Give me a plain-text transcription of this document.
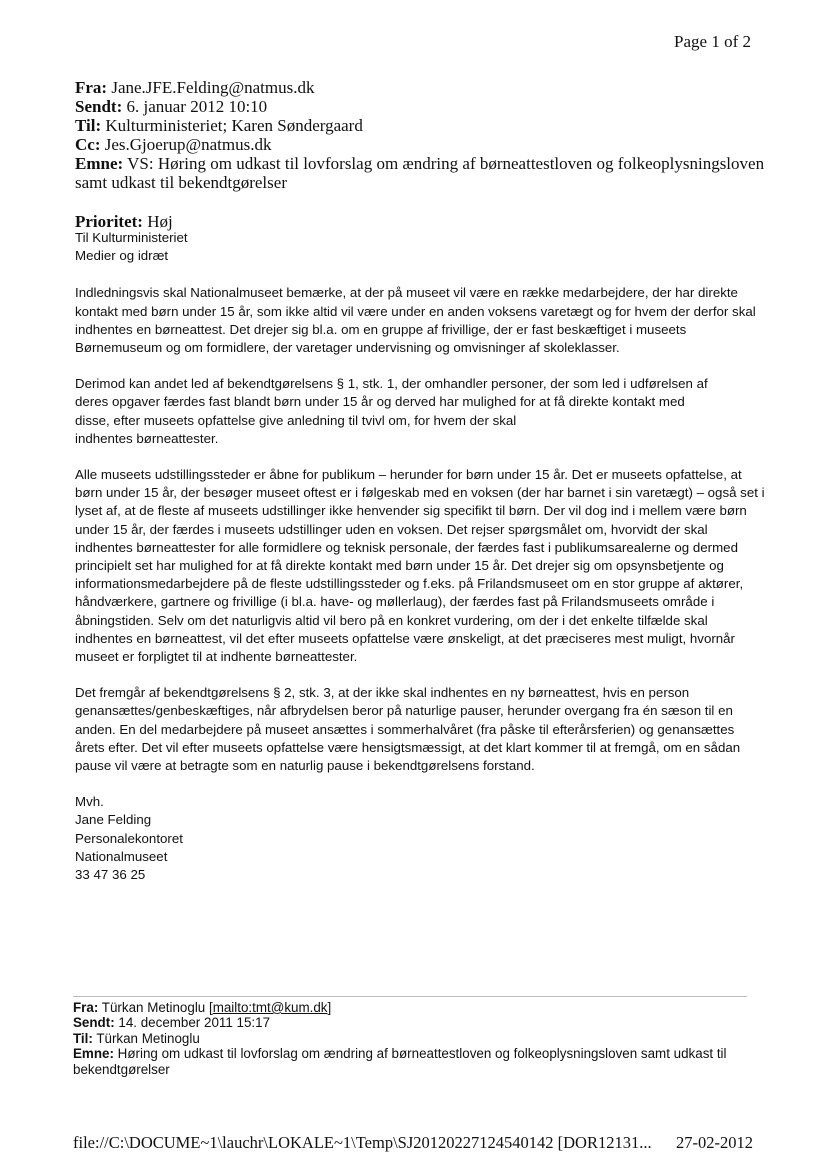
Page 1 of 2

Fra: Jane.JFE.Felding@natmus.dk

Sendt: 6. januar 2012 10:10

Til: Kulturministeriet; Karen Søndergaard

Cc: Jes.Gjoerup@natmus.dk

Emne: VS: Høring om udkast til lovforslag om ændring af børneattestloven og folkeoplysningsloven samt udkast til bekendtgørelser

Prioritet: Høj

Til Kulturministeriet
Medier og idræt

Indledningsvis skal Nationalmuseet bemærke, at der på museet vil være en række medarbejdere, der har direkte kontakt med børn under 15 år, som ikke altid vil være under en anden voksens varetægt og for hvem der derfor skal indhentes en børneattest. Det drejer sig bl.a. om en gruppe af frivillige, der er fast beskæftiget i museets Børnemuseum og om formidlere, der varetager undervisning og omvisninger af skoleklasser.

Derimod kan andet led af bekendtgørelsens § 1, stk. 1, der omhandler personer, der som led i udførelsen af
deres opgaver færdes fast blandt børn under 15 år og derved har mulighed for at få direkte kontakt med
disse, efter museets opfattelse give anledning til tvivl om, for hvem der skal
indhentes børneattester.

Alle museets udstillingssteder er åbne for publikum – herunder for børn under 15 år. Det er museets opfattelse, at børn under 15 år, der besøger museet oftest er i følgeskab med en voksen (der har barnet i sin varetægt) – også set i lyset af, at de fleste af museets udstillinger ikke henvender sig specifikt til børn. Der vil dog ind i mellem være børn under 15 år, der færdes i museets udstillinger uden en voksen. Det rejser spørgsmålet om, hvorvidt der skal indhentes børneattester for alle formidlere og teknisk personale, der færdes fast i publikumsarealerne og dermed principielt set har mulighed for at få direkte kontakt med børn under 15 år. Det drejer sig om opsynsbetjente og informationsmedarbejdere på de fleste udstillingssteder og f.eks. på Frilandsmuseet om en stor gruppe af aktører, håndværkere, gartnere og frivillige (i bl.a. have- og møllerlaug), der færdes fast på Frilandsmuseets område i åbningstiden. Selv om det naturligvis altid vil bero på en konkret vurdering, om der i det enkelte tilfælde skal indhentes en børneattest, vil det efter museets opfattelse være ønskeligt, at det præciseres mest muligt, hvornår museet er forpligtet til at indhente børneattester.

Det fremgår af bekendtgørelsens § 2, stk. 3, at der ikke skal indhentes en ny børneattest, hvis en person genansættes/genbeskæftiges, når afbrydelsen beror på naturlige pauser, herunder overgang fra én sæson til en anden. En del medarbejdere på museet ansættes i sommerhalvåret (fra påske til efterårsferien) og genansættes årets efter. Det vil efter museets opfattelse være hensigtsmæssigt, at det klart kommer til at fremgå, om en sådan pause vil være at betragte som en naturlig pause i bekendtgørelsens forstand.

Mvh.
Jane Felding
Personalekontoret
Nationalmuseet
33 47 36 25

Fra: Türkan Metinoglu [mailto:tmt@kum.dk]

Sendt: 14. december 2011 15:17

Til: Türkan Metinoglu

Emne: Høring om udkast til lovforslag om ændring af børneattestloven og folkeoplysningsloven samt udkast til bekendtgørelser

file://C:\DOCUME~1\lauchr\LOKALE~1\Temp\SJ20120227124540142 [DOR12131... 27-02-2012
